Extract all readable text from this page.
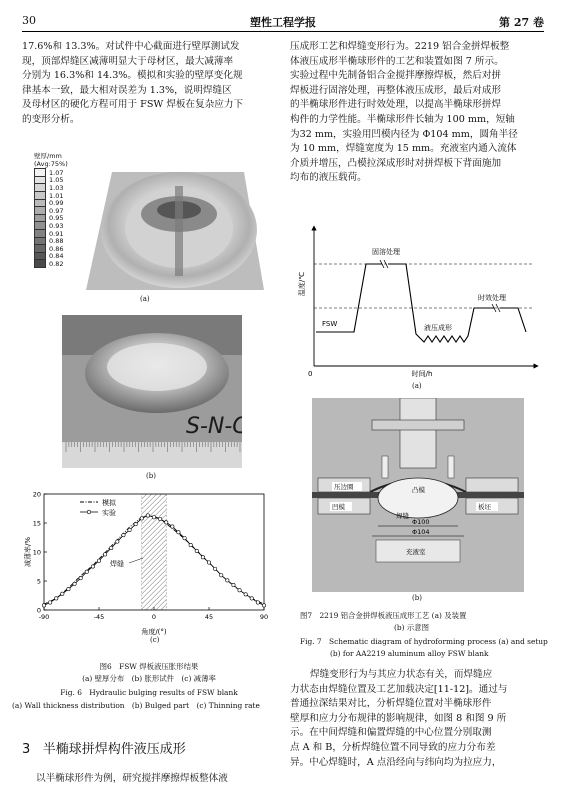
30	塑性工程学报	第 27 卷
17.6%和 13.3%。对试件中心截面进行壁厚测试发
现，顶部焊缝区减薄明显大于母材区，最大减薄率
分别为 16.3%和 14.3%。模拟和实验的壁厚变化规
律基本一致，最大相对误差为 1.3%，说明焊缝区
及母材区的硬化方程可用于 FSW 焊板在复杂应力下
的变形分析。
壁厚/mm
(Avg:75%)
1.07
1.05
1.03
1.01
0.99
0.97
0.95
0.93
0.91
0.88
0.86
0.84
0.82
(a)
S-N-C
(b)
-90	-45	0	45	90
0
5
10
15
20
减薄率/%
角度/(°)
焊缝
模拟
实验
(c)
图6　FSW 焊板液压胀形结果
(a) 壁厚分布　(b) 胀形试件　(c) 减薄率
Fig. 6　Hydraulic bulging results of FSW blank
(a) Wall thickness distribution　(b) Bulged part　(c) Thinning rate
3 半椭球拼焊构件液压成形
以半椭球形件为例，研究搅拌摩擦焊板整体液
压成形工艺和焊缝变形行为。2219 铝合金拼焊板整
体液压成形半椭球形件的工艺和装置如图 7 所示。
实验过程中先制备铝合金搅拌摩擦焊板，然后对拼
焊板进行固溶处理，再整体液压成形，最后对成形
的半椭球形件进行时效处理，以提高半椭球形拼焊
构件的力学性能。半椭球形件长轴为 100 mm，短轴
为32 mm，实验用凹模内径为 Φ104 mm，圆角半径
为 10 mm，焊缝宽度为 15 mm。充液室内通入流体
介质并增压，凸模拉深成形时对拼焊板下背面施加
均布的液压载荷。
温度/℃
时间/h
0
固溶处理
时效处理
FSW	液压成形
(a)
压边圈
凹模
凸模
板坯
焊缝
Φ100
Φ104
充液室
(b)
图7　2219 铝合金拼焊板液压成形工艺 (a) 及装置
(b) 示意图
Fig. 7　Schematic diagram of hydroforming process (a) and setup
(b) for AA2219 aluminum alloy FSW blank
焊缝变形行为与其应力状态有关，而焊缝应
力状态由焊缝位置及工艺加载决定[11-12]。通过与
普通拉深结果对比，分析焊缝位置对半椭球形件
壁厚和应力分布规律的影响规律，如图 8 和图 9 所
示。在中间焊缝和偏置焊缝的中心位置分别取测
点 A 和 B，分析焊缝位置不同导致的应力分布差
异。中心焊缝时，A 点沿经向与纬向均为拉应力，
